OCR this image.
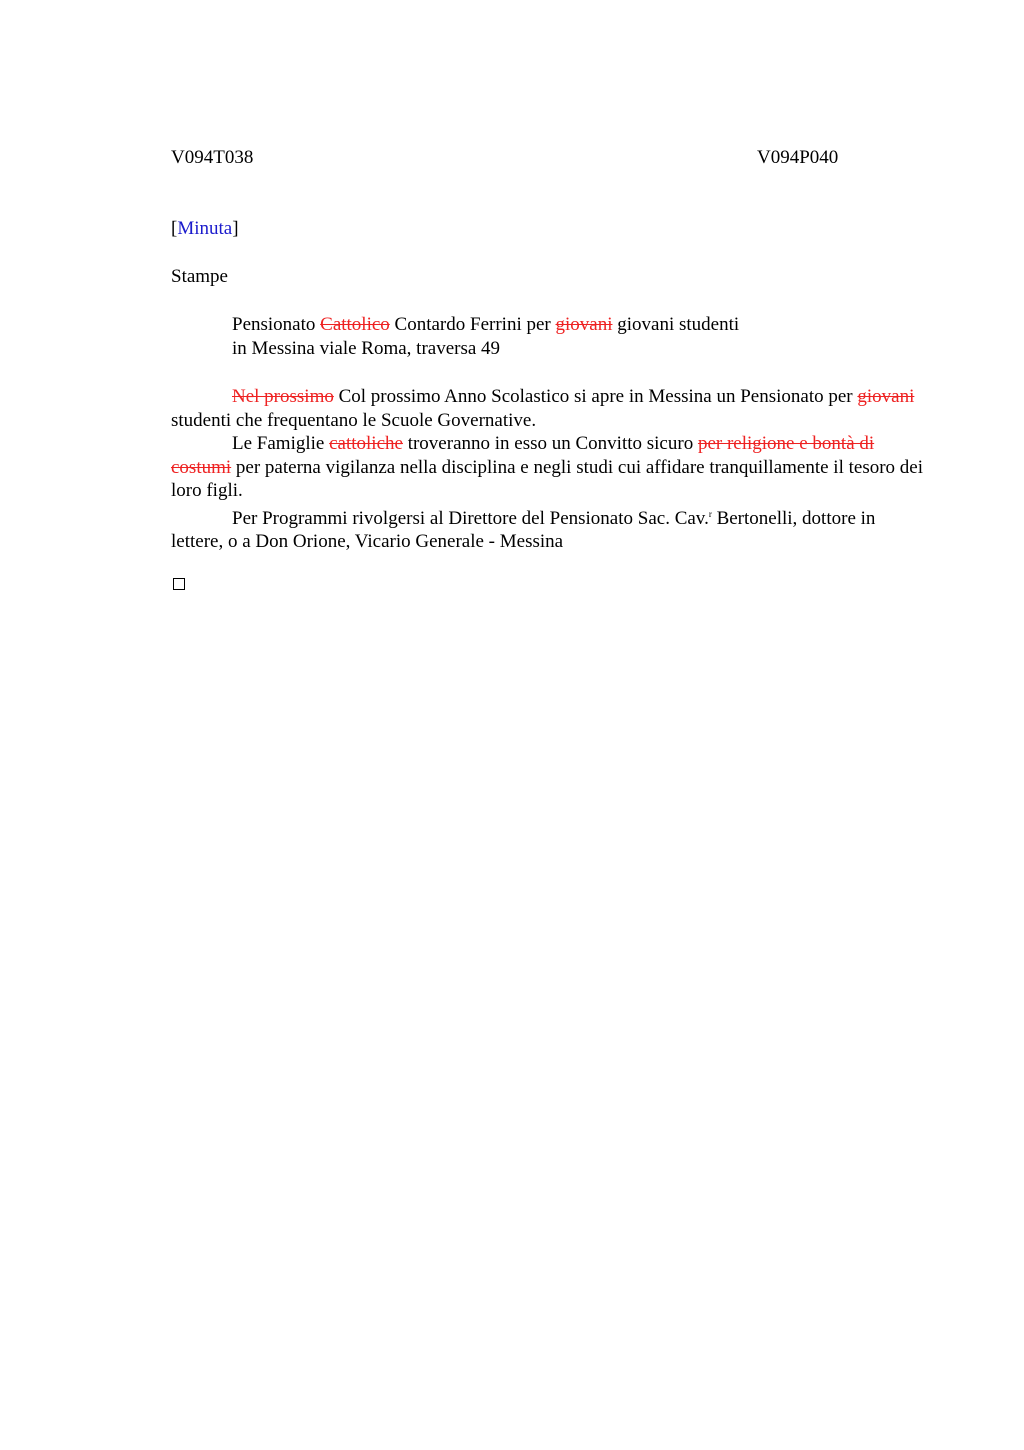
V094T038	V094P040
[Minuta]
Stampe
Pensionato Cattolico Contardo Ferrini per giovani giovani studenti
in Messina viale Roma, traversa 49

Nel prossimo Col prossimo Anno Scolastico si apre in Messina un Pensionato per giovani studenti che frequentano le Scuole Governative.

Le Famiglie cattoliche troveranno in esso un Convitto sicuro per religione e bontà di costumi per paterna vigilanza nella disciplina e negli studi cui affidare tranquillamente il tesoro dei loro figli.

Per Programmi rivolgersi al Direttore del Pensionato Sac. Cav.$^r$ Bertonelli, dottore in lettere, o a Don Orione, Vicario Generale - Messina
